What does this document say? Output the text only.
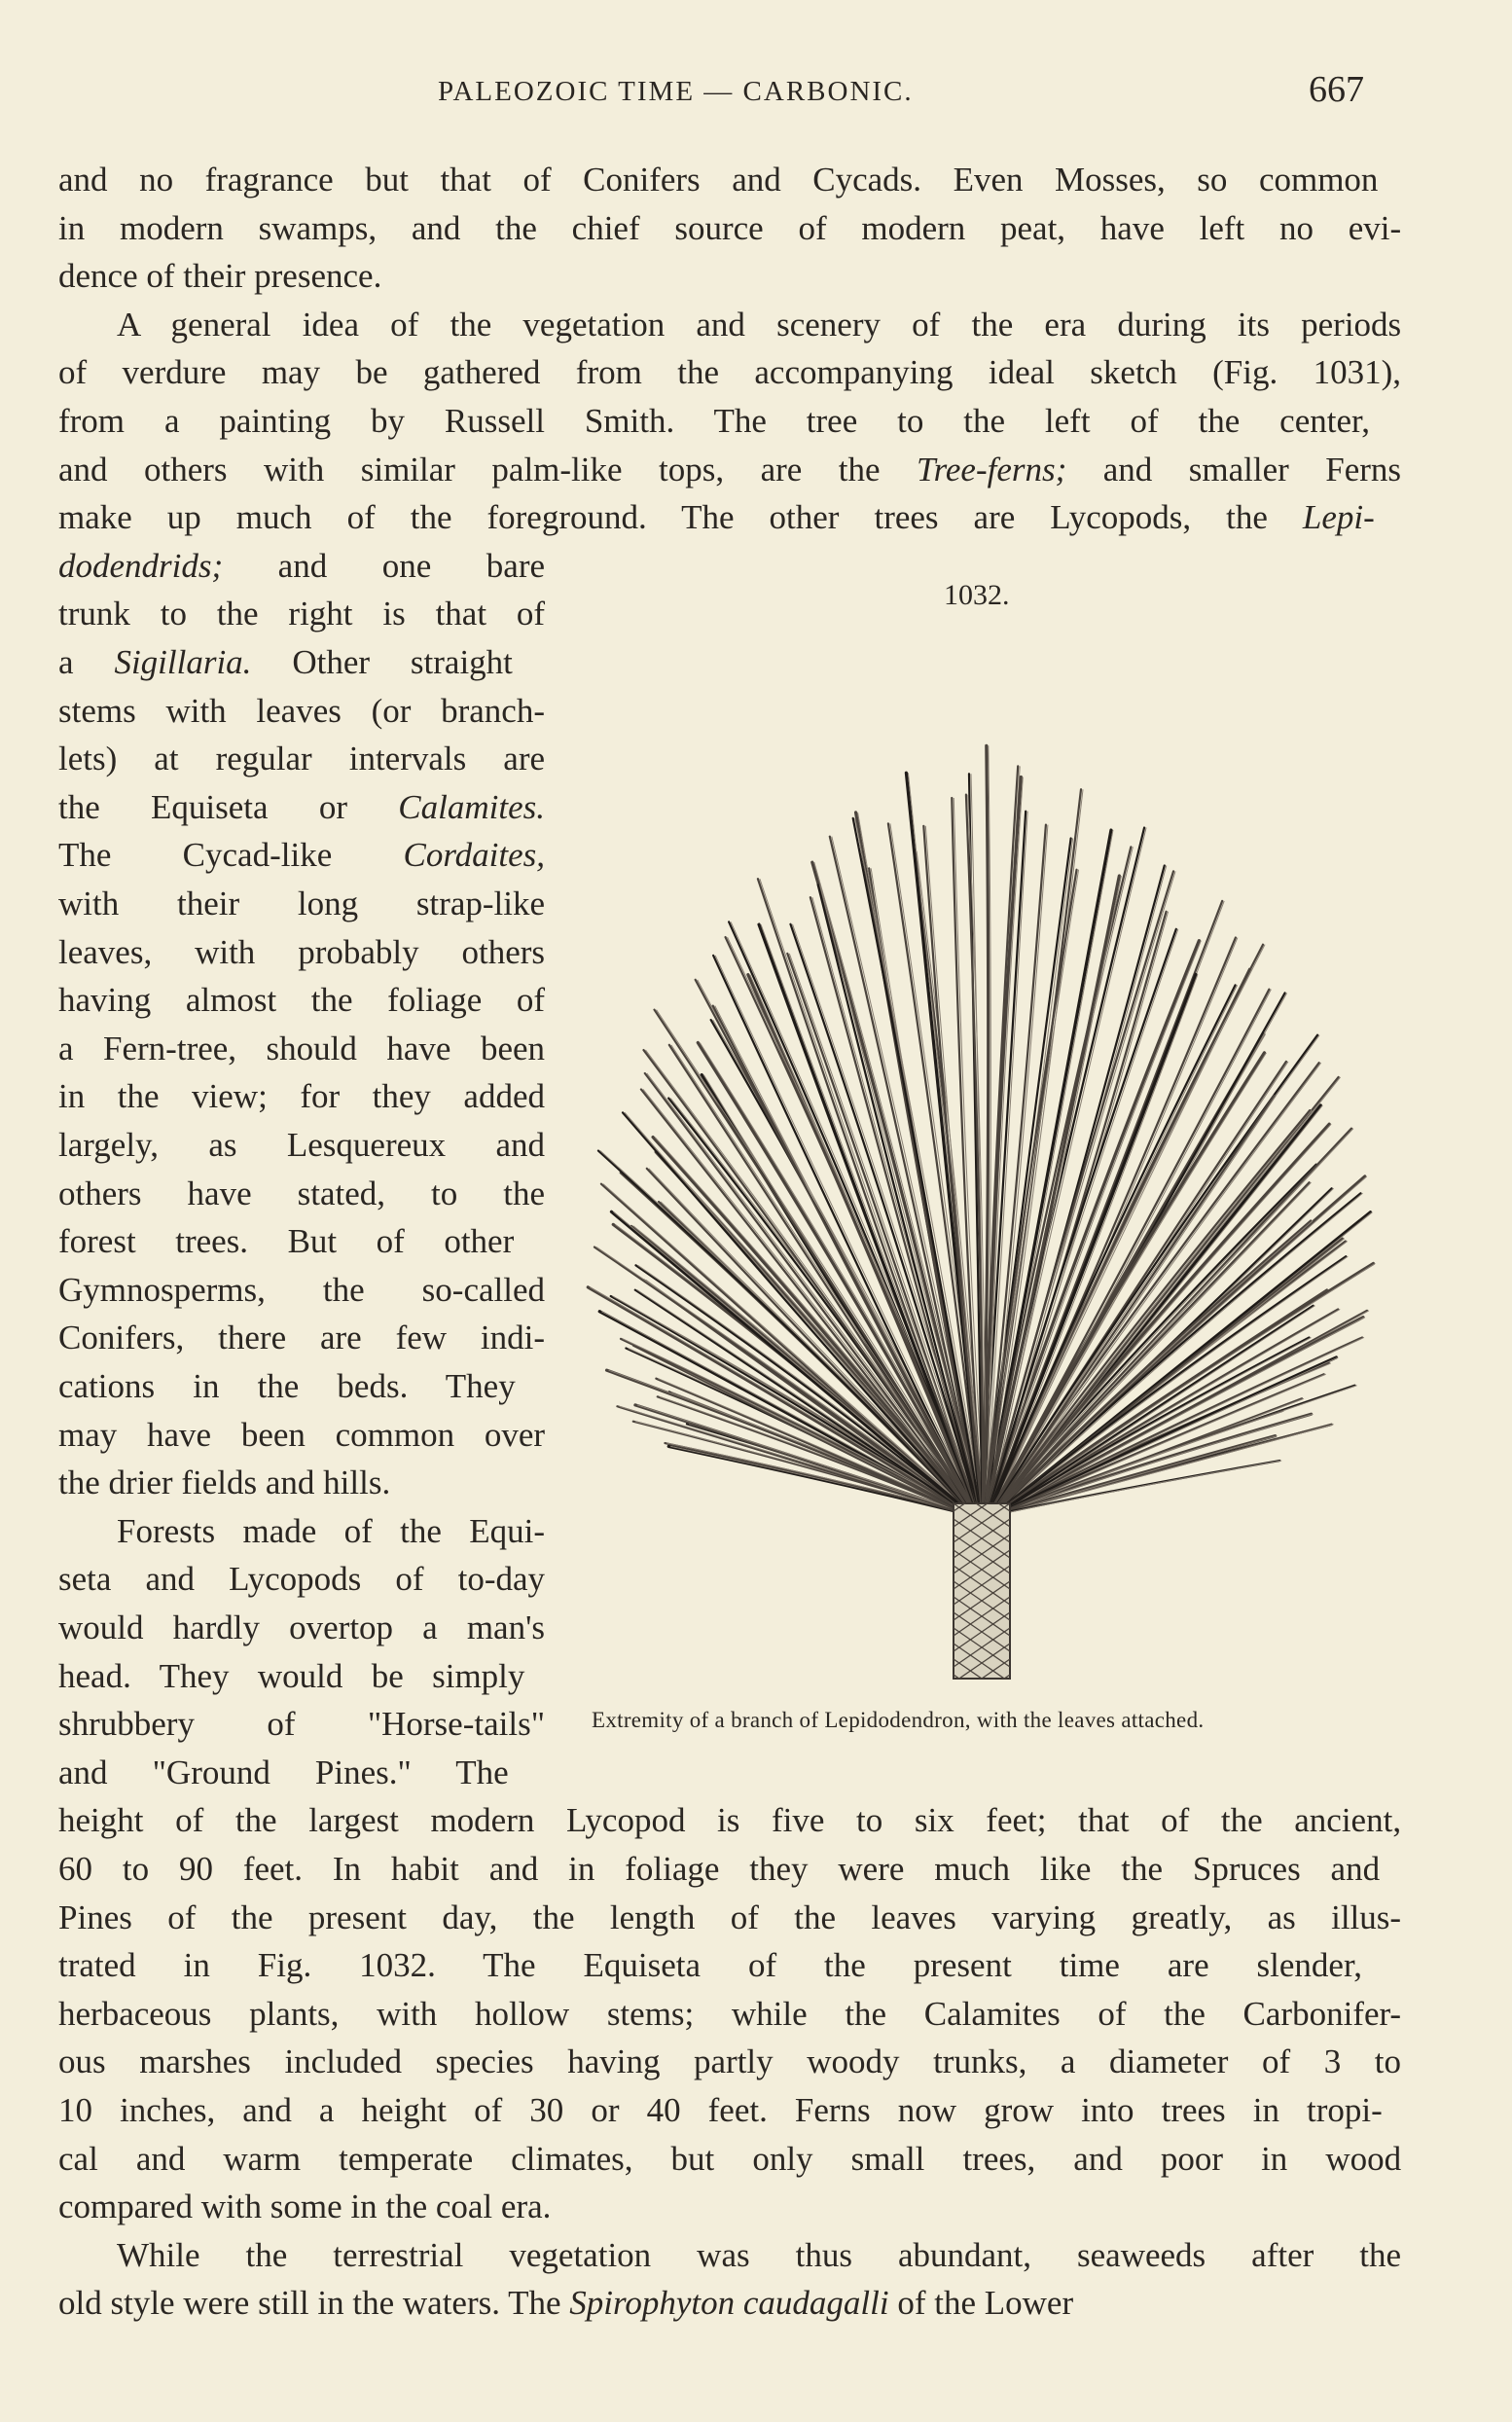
PALEOZOIC TIME — CARBONIC.	667
and no fragrance but that of Conifers and Cycads. Even Mosses, so common
in modern swamps, and the chief source of modern peat, have left no evi-
dence of their presence.
A general idea of the vegetation and scenery of the era during its periods
of verdure may be gathered from the accompanying ideal sketch (Fig. 1031),
from a painting by Russell Smith. The tree to the left of the center,
and others with similar palm-like tops, are the Tree-ferns; and smaller Ferns
make up much of the foreground. The other trees are Lycopods, the Lepi-
dodendrids; and one bare
trunk to the right is that of
a Sigillaria. Other straight
stems with leaves (or branch-
lets) at regular intervals are
the Equiseta or Calamites.
The Cycad-like Cordaites,
with their long strap-like
leaves, with probably others
having almost the foliage of
a Fern-tree, should have been
in the view; for they added
largely, as Lesquereux and
others have stated, to the
forest trees. But of other
Gymnosperms, the so-called
Conifers, there are few indi-
cations in the beds. They
may have been common over
the drier fields and hills.
Forests made of the Equi-
seta and Lycopods of to-day
would hardly overtop a man's
head. They would be simply
shrubbery of "Horse-tails"
and "Ground Pines." The
height of the largest modern Lycopod is five to six feet; that of the ancient,
60 to 90 feet. In habit and in foliage they were much like the Spruces and
Pines of the present day, the length of the leaves varying greatly, as illus-
trated in Fig. 1032. The Equiseta of the present time are slender,
herbaceous plants, with hollow stems; while the Calamites of the Carbonifer-
ous marshes included species having partly woody trunks, a diameter of 3 to
10 inches, and a height of 30 or 40 feet. Ferns now grow into trees in tropi-
cal and warm temperate climates, but only small trees, and poor in wood
compared with some in the coal era.
While the terrestrial vegetation was thus abundant, seaweeds after the
old style were still in the waters. The Spirophyton caudagalli of the Lower
1032.
Extremity of a branch of Lepidodendron, with the leaves attached.
